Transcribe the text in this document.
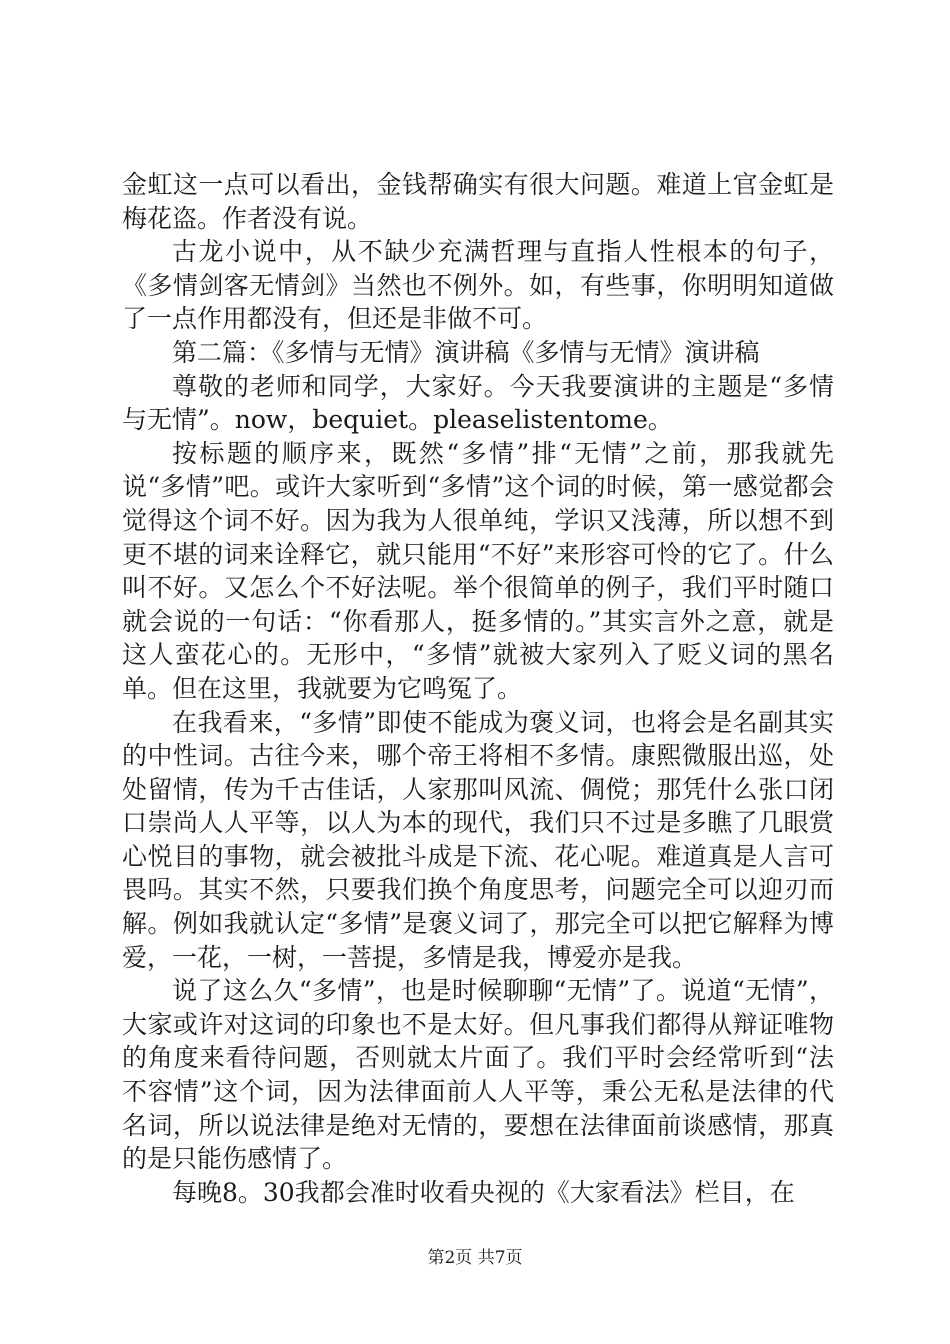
金虹这一点可以看出，金钱帮确实有很大问题。难道上官金虹是梅花盗。作者没有说。

古龙小说中，从不缺少充满哲理与直指人性根本的句子，《多情剑客无情剑》当然也不例外。如，有些事，你明明知道做了一点作用都没有，但还是非做不可。

第二篇：《多情与无情》演讲稿《多情与无情》演讲稿

尊敬的老师和同学，大家好。今天我要演讲的主题是“多情与无情”。now，bequiet。pleaselistentome。

按标题的顺序来，既然“多情”排“无情”之前，那我就先说“多情”吧。或许大家听到“多情”这个词的时候，第一感觉都会觉得这个词不好。因为我为人很单纯，学识又浅薄，所以想不到更不堪的词来诠释它，就只能用“不好”来形容可怜的它了。什么叫不好。又怎么个不好法呢。举个很简单的例子，我们平时随口就会说的一句话：“你看那人，挺多情的。”其实言外之意，就是这人蛮花心的。无形中，“多情”就被大家列入了贬义词的黑名单。但在这里，我就要为它鸣冤了。

在我看来，“多情”即使不能成为褒义词，也将会是名副其实的中性词。古往今来，哪个帝王将相不多情。康熙微服出巡，处处留情，传为千古佳话，人家那叫风流、倜傥；那凭什么张口闭口崇尚人人平等，以人为本的现代，我们只不过是多瞧了几眼赏心悦目的事物，就会被批斗成是下流、花心呢。难道真是人言可畏吗。其实不然，只要我们换个角度思考，问题完全可以迎刃而解。例如我就认定“多情”是褒义词了，那完全可以把它解释为博爱，一花，一树，一菩提，多情是我，博爱亦是我。

说了这么久“多情”，也是时候聊聊“无情”了。说道“无情”，大家或许对这词的印象也不是太好。但凡事我们都得从辩证唯物的角度来看待问题，否则就太片面了。我们平时会经常听到“法不容情”这个词，因为法律面前人人平等，秉公无私是法律的代名词，所以说法律是绝对无情的，要想在法律面前谈感情，那真的是只能伤感情了。

每晚8。30我都会准时收看央视的《大家看法》栏目，在

第2页 共7页
